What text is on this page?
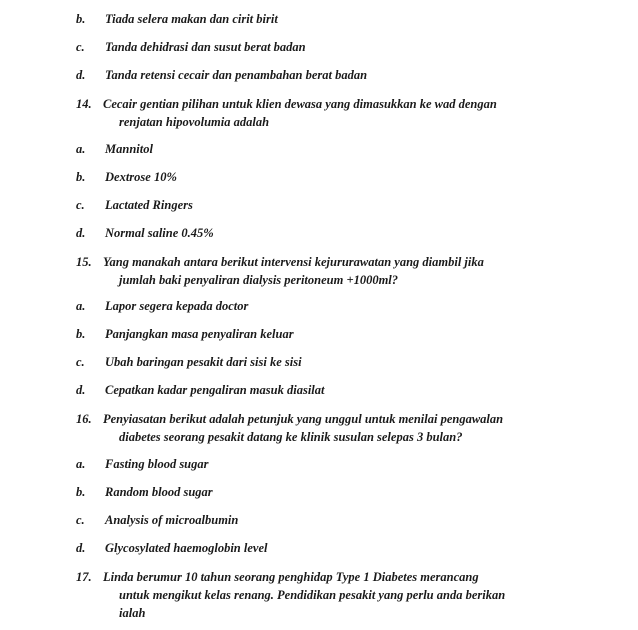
b. Tiada selera makan dan cirit birit
c. Tanda dehidrasi dan susut berat badan
d. Tanda retensi cecair dan penambahan berat badan
14. Cecair gentian pilihan untuk klien dewasa yang dimasukkan ke wad dengan
renjatan hipovolumia adalah
a. Mannitol
b. Dextrose 10%
c. Lactated Ringers
d. Normal saline 0.45%
15. Yang manakah antara berikut intervensi kejururawatan yang diambil jika
jumlah baki penyaliran dialysis peritoneum +1000ml?
a. Lapor segera kepada doctor
b. Panjangkan masa penyaliran keluar
c. Ubah baringan pesakit dari sisi ke sisi
d. Cepatkan kadar pengaliran masuk diasilat
16. Penyiasatan berikut adalah petunjuk yang unggul untuk menilai pengawalan
diabetes seorang pesakit datang ke klinik susulan selepas 3 bulan?
a. Fasting blood sugar
b. Random blood sugar
c. Analysis of microalbumin
d. Glycosylated haemoglobin level
17. Linda berumur 10 tahun seorang penghidap Type 1 Diabetes merancang
untuk mengikut kelas renang. Pendidikan pesakit yang perlu anda berikan
ialah
